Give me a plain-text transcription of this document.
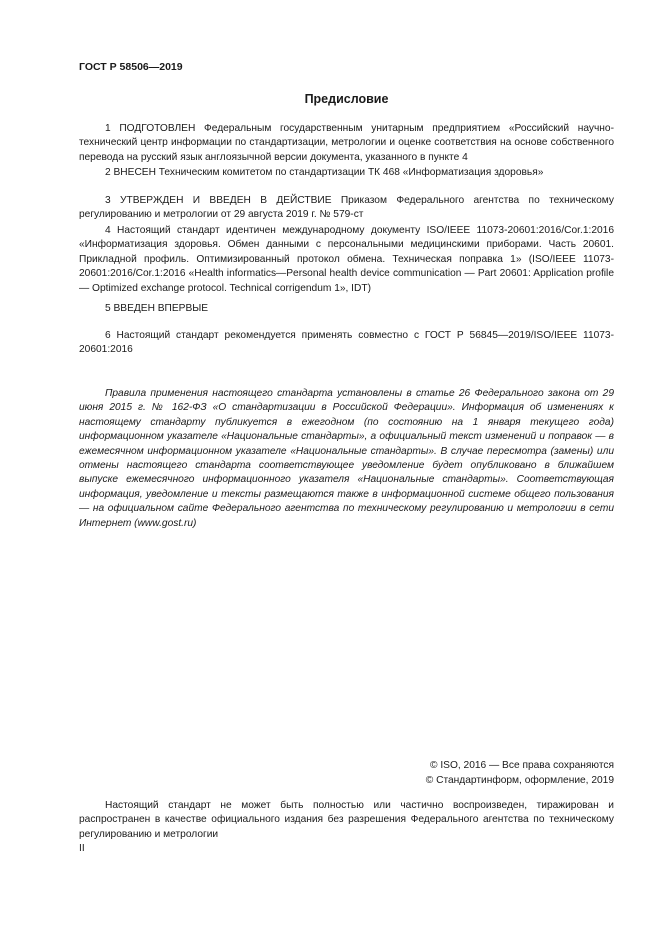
ГОСТ Р 58506—2019
Предисловие

1 ПОДГОТОВЛЕН Федеральным государственным унитарным предприятием «Российский научно-технический центр информации по стандартизации, метрологии и оценке соответствия на основе собственного перевода на русский язык англоязычной версии документа, указанного в пункте 4

2 ВНЕСЕН Техническим комитетом по стандартизации ТК 468 «Информатизация здоровья»

3 УТВЕРЖДЕН И ВВЕДЕН В ДЕЙСТВИЕ Приказом Федерального агентства по техническому регулированию и метрологии от 29 августа 2019 г. № 579-ст

4 Настоящий стандарт идентичен международному документу ISO/IEEE 11073-20601:2016/Cor.1:2016 «Информатизация здоровья. Обмен данными с персональными медицинскими приборами. Часть 20601. Прикладной профиль. Оптимизированный протокол обмена. Техническая поправка 1» (ISO/IEEE 11073-20601:2016/Cor.1:2016 «Health informatics—Personal health device communication — Part 20601: Application profile — Optimized exchange protocol. Technical corrigendum 1», IDT)

5 ВВЕДЕН ВПЕРВЫЕ

6 Настоящий стандарт рекомендуется применять совместно с ГОСТ Р 56845—2019/ISO/IEEE 11073-20601:2016

Правила применения настоящего стандарта установлены в статье 26 Федерального закона от 29 июня 2015 г. № 162-ФЗ «О стандартизации в Российской Федерации». Информация об изменениях к настоящему стандарту публикуется в ежегодном (по состоянию на 1 января текущего года) информационном указателе «Национальные стандарты», а официальный текст изменений и поправок — в ежемесячном информационном указателе «Национальные стандарты». В случае пересмотра (замены) или отмены настоящего стандарта соответствующее уведомление будет опубликовано в ближайшем выпуске ежемесячного информационного указателя «Национальные стандарты». Соответствующая информация, уведомление и тексты размещаются также в информационной системе общего пользования — на официальном сайте Федерального агентства по техническому регулированию и метрологии в сети Интернет (www.gost.ru)

© ISO, 2016 — Все права сохраняются
© Стандартинформ, оформление, 2019

Настоящий стандарт не может быть полностью или частично воспроизведен, тиражирован и распространен в качестве официального издания без разрешения Федерального агентства по техническому регулированию и метрологии

II
